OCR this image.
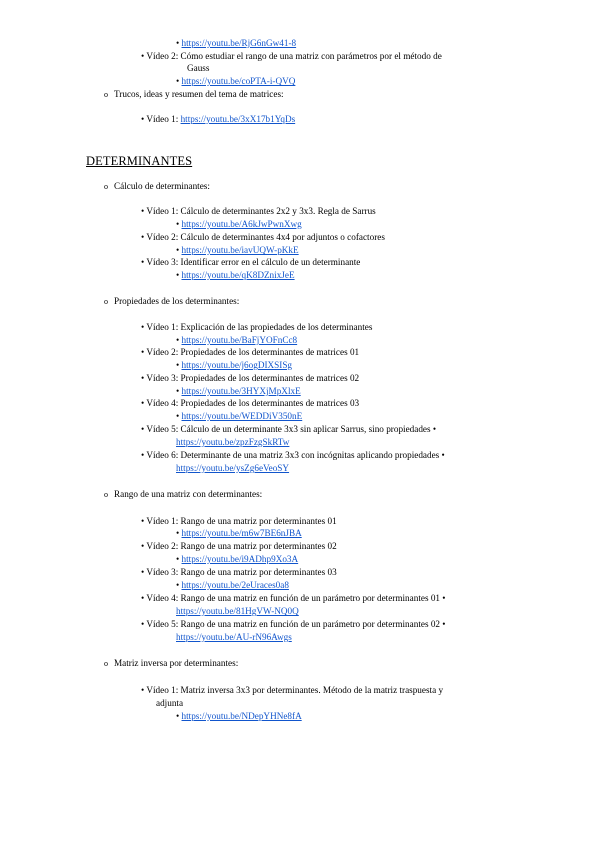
• https://youtu.be/RjG6nGw41-8
• Vídeo 2: Cómo estudiar el rango de una matriz con parámetros por el método de
Gauss
• https://youtu.be/coPTA-i-QVQ
o Trucos, ideas y resumen del tema de matrices:
• Vídeo 1: https://youtu.be/3xX17b1YqDs
DETERMINANTES
o Cálculo de determinantes:
• Vídeo 1: Cálculo de determinantes 2x2 y 3x3. Regla de Sarrus
• https://youtu.be/A6kJwPwnXwg
• Vídeo 2: Cálculo de determinantes 4x4 por adjuntos o cofactores
• https://youtu.be/iavUQW-pKkE
• Vídeo 3: Identificar error en el cálculo de un determinante
• https://youtu.be/qK8DZnixJeE
o Propiedades de los determinantes:
• Vídeo 1: Explicación de las propiedades de los determinantes
• https://youtu.be/BaFjYOFnCc8
• Vídeo 2: Propiedades de los determinantes de matrices 01
• https://youtu.be/j6ogDIXSISg
• Vídeo 3: Propiedades de los determinantes de matrices 02
• https://youtu.be/3HYXjMpXlxE
• Vídeo 4: Propiedades de los determinantes de matrices 03
• https://youtu.be/WEDDiV350nE
• Vídeo 5: Cálculo de un determinante 3x3 sin aplicar Sarrus, sino propiedades •
https://youtu.be/zpzFzgSkRTw
• Vídeo 6: Determinante de una matriz 3x3 con incógnitas aplicando propiedades •
https://youtu.be/ysZg6eVeoSY
o Rango de una matriz con determinantes:
• Vídeo 1: Rango de una matriz por determinantes 01
• https://youtu.be/m6w7BE6nJBA
• Vídeo 2: Rango de una matriz por determinantes 02
• https://youtu.be/i9ADhp9Xo3A
• Vídeo 3: Rango de una matriz por determinantes 03
• https://youtu.be/2eUraces0a8
• Vídeo 4: Rango de una matriz en función de un parámetro por determinantes 01 •
https://youtu.be/81HgVW-NQ0Q
• Vídeo 5: Rango de una matriz en función de un parámetro por determinantes 02 •
https://youtu.be/AU-rN96Awgs
o Matriz inversa por determinantes:
• Vídeo 1: Matriz inversa 3x3 por determinantes. Método de la matriz traspuesta y
adjunta
• https://youtu.be/NDepYHNe8fA
